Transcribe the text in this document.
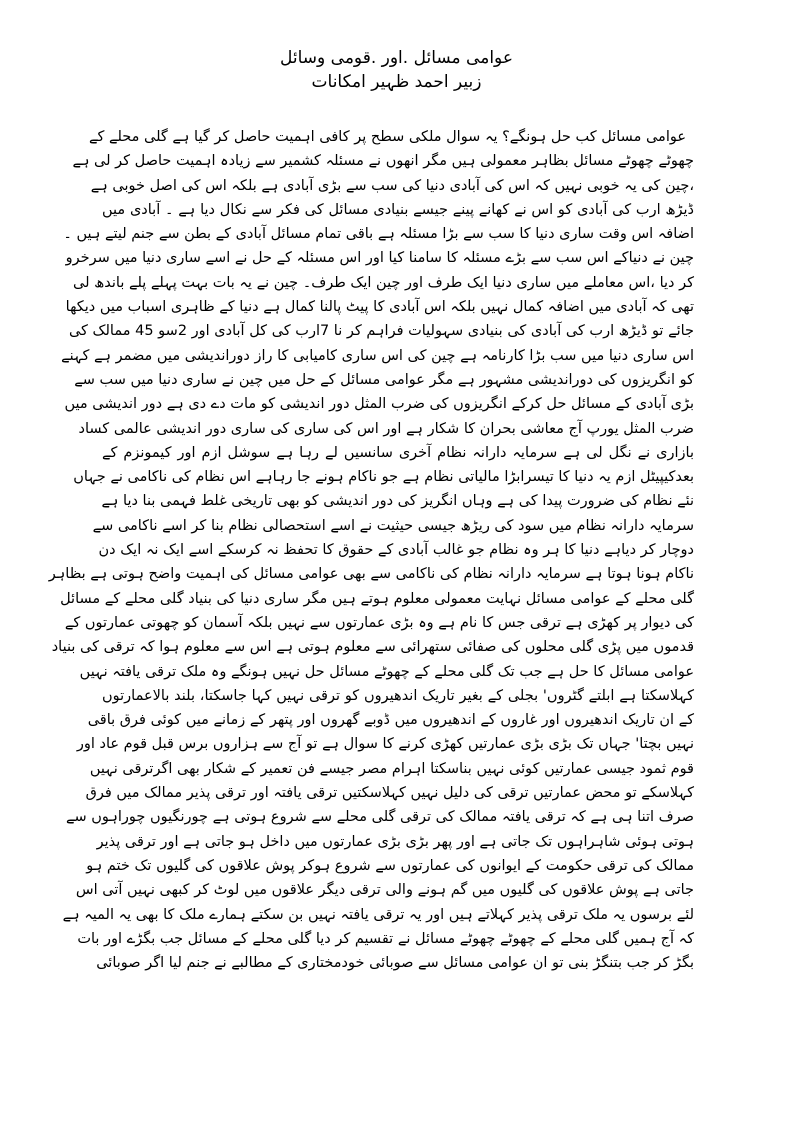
عوامی مسائل .اور .قومی وسائل
زبیر احمد ظہیر امکانات
عوامی مسائل کب حل ہونگے؟ یہ سوال ملکی سطح پر کافی اہمیت حاصل کر گیا ہے گلی محلے کے
چھوٹے چھوٹے مسائل بظاہر معمولی ہیں مگر انھوں نے مسئلہ کشمیر سے زیادہ اہمیت حاصل کر لی ہے
،چین کی یہ خوبی نہیں کہ اس کی آبادی دنیا کی سب سے بڑی آبادی ہے بلکہ اس کی اصل خوبی ہے
ڈیڑھ ارب کی آبادی کو اس نے کھانے پینے جیسے بنیادی مسائل کی فکر سے نکال دیا ہے ۔ آبادی میں
اضافہ اس وقت ساری دنیا کا سب سے بڑا مسئلہ ہے باقی تمام مسائل آبادی کے بطن سے جنم لیتے ہیں ۔
چین نے دنیاکے اس سب سے بڑے مسئلہ کا سامنا کیا اور اس مسئلہ کے حل نے اسے ساری دنیا میں سرخرو
کر دیا ،اس معاملے میں ساری دنیا ایک طرف اور چین ایک طرف۔ چین نے یہ بات بہت پہلے پلے باندھ لی
تھی کہ آبادی میں اضافہ کمال نہیں بلکہ اس آبادی کا پیٹ پالنا کمال ہے دنیا کے ظاہری اسباب میں دیکھا
جائے تو ڈیڑھ ارب کی آبادی کی بنیادی سہولیات فراہم کر نا 7ارب کی کل آبادی اور 2سو 45 ممالک کی
اس ساری دنیا میں سب بڑا کارنامہ ہے چین کی اس ساری کامیابی کا راز دوراندیشی میں مضمر ہے کہنے
کو انگریزوں کی دوراندیشی مشہور ہے مگر عوامی مسائل کے حل میں چین نے ساری دنیا میں سب سے
بڑی آبادی کے مسائل حل کرکے انگریزوں کی ضرب المثل دور اندیشی کو مات دے دی ہے دور اندیشی میں
ضرب المثل یورپ آج معاشی بحران کا شکار ہے اور اس کی ساری کی ساری دور اندیشی عالمی کساد
بازاری نے نگل لی ہے سرمایہ دارانہ نظام آخری سانسیں لے رہا ہے سوشل ازم اور کیمونزم کے
بعدکیپیٹل ازم یہ دنیا کا تیسرابڑا مالیاتی نظام ہے جو ناکام ہونے جا رہاہے اس نظام کی ناکامی نے جہاں
نئے نظام کی ضرورت پیدا کی ہے وہاں انگریز کی دور اندیشی کو بھی تاریخی غلط فہمی بنا دیا ہے
سرمایہ دارانہ نظام میں سود کی ریڑھ جیسی حیثیت نے اسے استحصالی نظام بنا کر اسے ناکامی سے
دوچار کر دیاہے دنیا کا ہر وہ نظام جو غالب آبادی کے حقوق کا تحفظ نہ کرسکے اسے ایک نہ ایک دن
ناکام ہونا ہوتا ہے سرمایہ دارانہ نظام کی ناکامی سے بھی عوامی مسائل کی اہمیت واضح ہوتی ہے بظاہر
گلی محلے کے عوامی مسائل نہایت معمولی معلوم ہوتے ہیں مگر ساری دنیا کی بنیاد گلی محلے کے مسائل
کی دیوار پر کھڑی ہے ترقی جس کا نام ہے وہ بڑی عمارتوں سے نہیں بلکہ آسمان کو چھوتی عمارتوں کے
قدموں میں پڑی گلی محلوں کی صفائی ستھرائی سے معلوم ہوتی ہے اس سے معلوم ہوا کہ ترقی کی بنیاد
عوامی مسائل کا حل ہے جب تک گلی محلے کے چھوٹے مسائل حل نہیں ہونگے وہ ملک ترقی یافتہ نہیں
کہلاسکتا ہے ابلتے گٹروں' بجلی کے بغیر تاریک اندھیروں کو ترقی نہیں کہا جاسکتا، بلند بالاعمارتوں
کے ان تاریک اندھیروں اور غاروں کے اندھیروں میں ڈوبے گھروں اور پتھر کے زمانے میں کوئی فرق باقی
نہیں بچتا' جہاں تک بڑی بڑی عمارتیں کھڑی کرنے کا سوال ہے تو آج سے ہزاروں برس قبل قوم عاد اور
قوم ثمود جیسی عمارتیں کوئی نہیں بناسکتا اہرام مصر جیسے فن تعمیر کے شکار بھی اگرترقی نہیں
کہلاسکے تو محض عمارتیں ترقی کی دلیل نہیں کہلاسکتیں ترقی یافتہ اور ترقی پذیر ممالک میں فرق
صرف اتنا ہی ہے کہ ترقی یافتہ ممالک کی ترقی گلی محلے سے شروع ہوتی ہے چورنگیوں چوراہوں سے
ہوتی ہوئی شاہراہوں تک جاتی ہے اور پھر بڑی بڑی عمارتوں میں داخل ہو جاتی ہے اور ترقی پذیر
ممالک کی ترقی حکومت کے ایوانوں کی عمارتوں سے شروع ہوکر پوش علاقوں کی گلیوں تک ختم ہو
جاتی ہے پوش علاقوں کی گلیوں میں گم ہونے والی ترقی دیگر علاقوں میں لوٹ کر کبھی نہیں آتی اس
لئے برسوں یہ ملک ترقی پذیر کہلاتے ہیں اور یہ ترقی یافتہ نہیں بن سکتے ہمارے ملک کا بھی یہ المیہ ہے
کہ آج ہمیں گلی محلے کے چھوٹے چھوٹے مسائل نے تقسیم کر دیا گلی محلے کے مسائل جب بگڑے اور بات
بگڑ کر جب بتنگڑ بنی تو ان عوامی مسائل سے صوبائی خودمختاری کے مطالبے نے جنم لیا اگر صوبائی
